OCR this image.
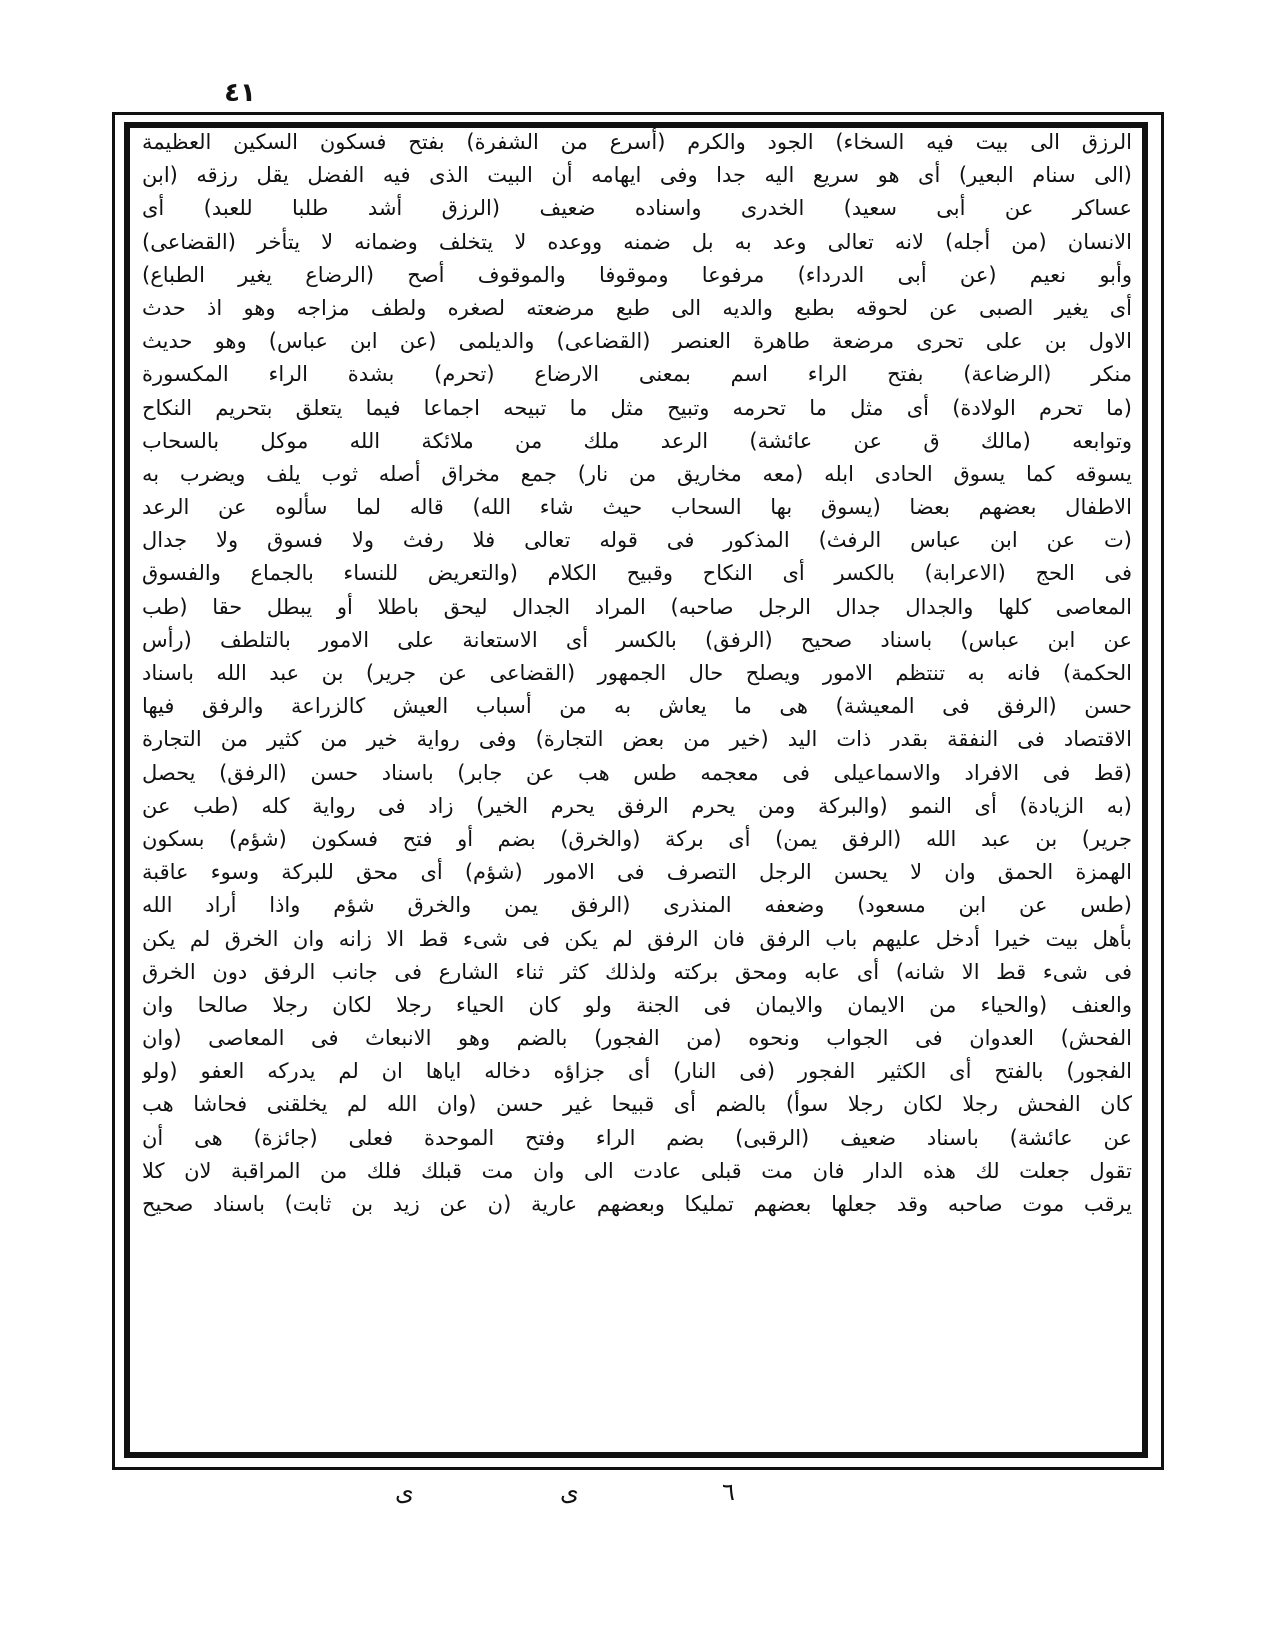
٤١
الرزق الى بيت فيه السخاء) الجود والكرم (أسرع من الشفرة) بفتح فسكون السكين العظيمة
(الى سنام البعير) أى هو سريع اليه جدا وفى ايهامه أن البيت الذى فيه الفضل يقل رزقه (ابن
عساكر عن أبى سعيد) الخدرى واسناده ضعيف (الرزق أشد طلبا للعبد) أى
الانسان (من أجله) لانه تعالى وعد به بل ضمنه ووعده لا يتخلف وضمانه لا يتأخر (القضاعى)
وأبو نعيم (عن أبى الدرداء) مرفوعا وموقوفا والموقوف أصح (الرضاع يغير الطباع)
أى يغير الصبى عن لحوقه بطبع والديه الى طبع مرضعته لصغره ولطف مزاجه وهو اذ حدث
الاول بن على تحرى مرضعة طاهرة العنصر (القضاعى) والديلمى (عن ابن عباس) وهو حديث
منكر (الرضاعة) بفتح الراء اسم بمعنى الارضاع (تحرم) بشدة الراء المكسورة
(ما تحرم الولادة) أى مثل ما تحرمه وتبيح مثل ما تبيحه اجماعا فيما يتعلق بتحريم النكاح
وتوابعه (مالك ق عن عائشة) الرعد ملك من ملائكة الله موكل بالسحاب
يسوقه كما يسوق الحادى ابله (معه مخاريق من نار) جمع مخراق أصله ثوب يلف ويضرب به
الاطفال بعضهم بعضا (يسوق بها السحاب حيث شاء الله) قاله لما سألوه عن الرعد
(ت عن ابن عباس الرفث) المذكور فى قوله تعالى فلا رفث ولا فسوق ولا جدال
فى الحج (الاعرابة) بالكسر أى النكاح وقبيح الكلام (والتعريض للنساء بالجماع والفسوق
المعاصى كلها والجدال جدال الرجل صاحبه) المراد الجدال ليحق باطلا أو يبطل حقا (طب
عن ابن عباس) باسناد صحيح (الرفق) بالكسر أى الاستعانة على الامور بالتلطف (رأس
الحكمة) فانه به تنتظم الامور ويصلح حال الجمهور (القضاعى عن جرير) بن عبد الله باسناد
حسن (الرفق فى المعيشة) هى ما يعاش به من أسباب العيش كالزراعة والرفق فيها
الاقتصاد فى النفقة بقدر ذات اليد (خير من بعض التجارة) وفى رواية خير من كثير من التجارة
(قط فى الافراد والاسماعيلى فى معجمه طس هب عن جابر) باسناد حسن (الرفق) يحصل
(به الزيادة) أى النمو (والبركة ومن يحرم الرفق يحرم الخير) زاد فى رواية كله (طب عن
جرير) بن عبد الله (الرفق يمن) أى بركة (والخرق) بضم أو فتح فسكون (شؤم) بسكون
الهمزة الحمق وان لا يحسن الرجل التصرف فى الامور (شؤم) أى محق للبركة وسوء عاقبة
(طس عن ابن مسعود) وضعفه المنذرى (الرفق يمن والخرق شؤم واذا أراد الله
بأهل بيت خيرا أدخل عليهم باب الرفق فان الرفق لم يكن فى شىء قط الا زانه وان الخرق لم يكن
فى شىء قط الا شانه) أى عابه ومحق بركته ولذلك كثر ثناء الشارع فى جانب الرفق دون الخرق
والعنف (والحياء من الايمان والايمان فى الجنة ولو كان الحياء رجلا لكان رجلا صالحا وان
الفحش) العدوان فى الجواب ونحوه (من الفجور) بالضم وهو الانبعاث فى المعاصى (وان
الفجور) بالفتح أى الكثير الفجور (فى النار) أى جزاؤه دخاله اياها ان لم يدركه العفو (ولو
كان الفحش رجلا لكان رجلا سوأ) بالضم أى قبيحا غير حسن (وان الله لم يخلقنى فحاشا هب
عن عائشة) باسناد ضعيف (الرقبى) بضم الراء وفتح الموحدة فعلى (جائزة) هى أن
تقول جعلت لك هذه الدار فان مت قبلى عادت الى وان مت قبلك فلك من المراقبة لان كلا
يرقب موت صاحبه وقد جعلها بعضهم تمليكا وبعضهم عارية (ن عن زيد بن ثابت) باسناد صحيح
ى	ى	٦
